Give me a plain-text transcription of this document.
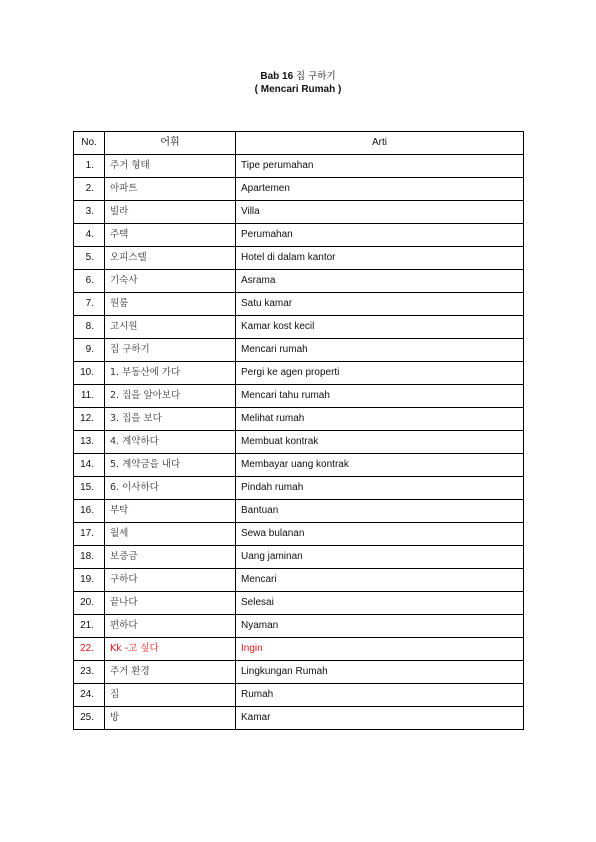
Bab 16 집 구하기
( Mencari Rumah )
No.	어휘	Arti
1.	주거 형태	Tipe perumahan
2.	아파트	Apartemen
3.	빌라	Villa
4.	주택	Perumahan
5.	오피스텔	Hotel di dalam kantor
6.	기숙사	Asrama
7.	원룸	Satu kamar
8.	고시원	Kamar kost kecil
9.	집 구하기	Mencari rumah
10.	1. 부동산에 가다	Pergi ke agen properti
11.	2. 집을 알아보다	Mencari tahu rumah
12.	3. 집을 보다	Melihat rumah
13.	4. 계약하다	Membuat kontrak
14.	5. 계약금을 내다	Membayar uang kontrak
15.	6. 이사하다	Pindah rumah
16.	부탁	Bantuan
17.	월세	Sewa bulanan
18.	보증금	Uang jaminan
19.	구하다	Mencari
20.	끝나다	Selesai
21.	편하다	Nyaman
22.	Kk -고 싶다	Ingin
23.	주거 환경	Lingkungan Rumah
24.	집	Rumah
25.	방	Kamar
